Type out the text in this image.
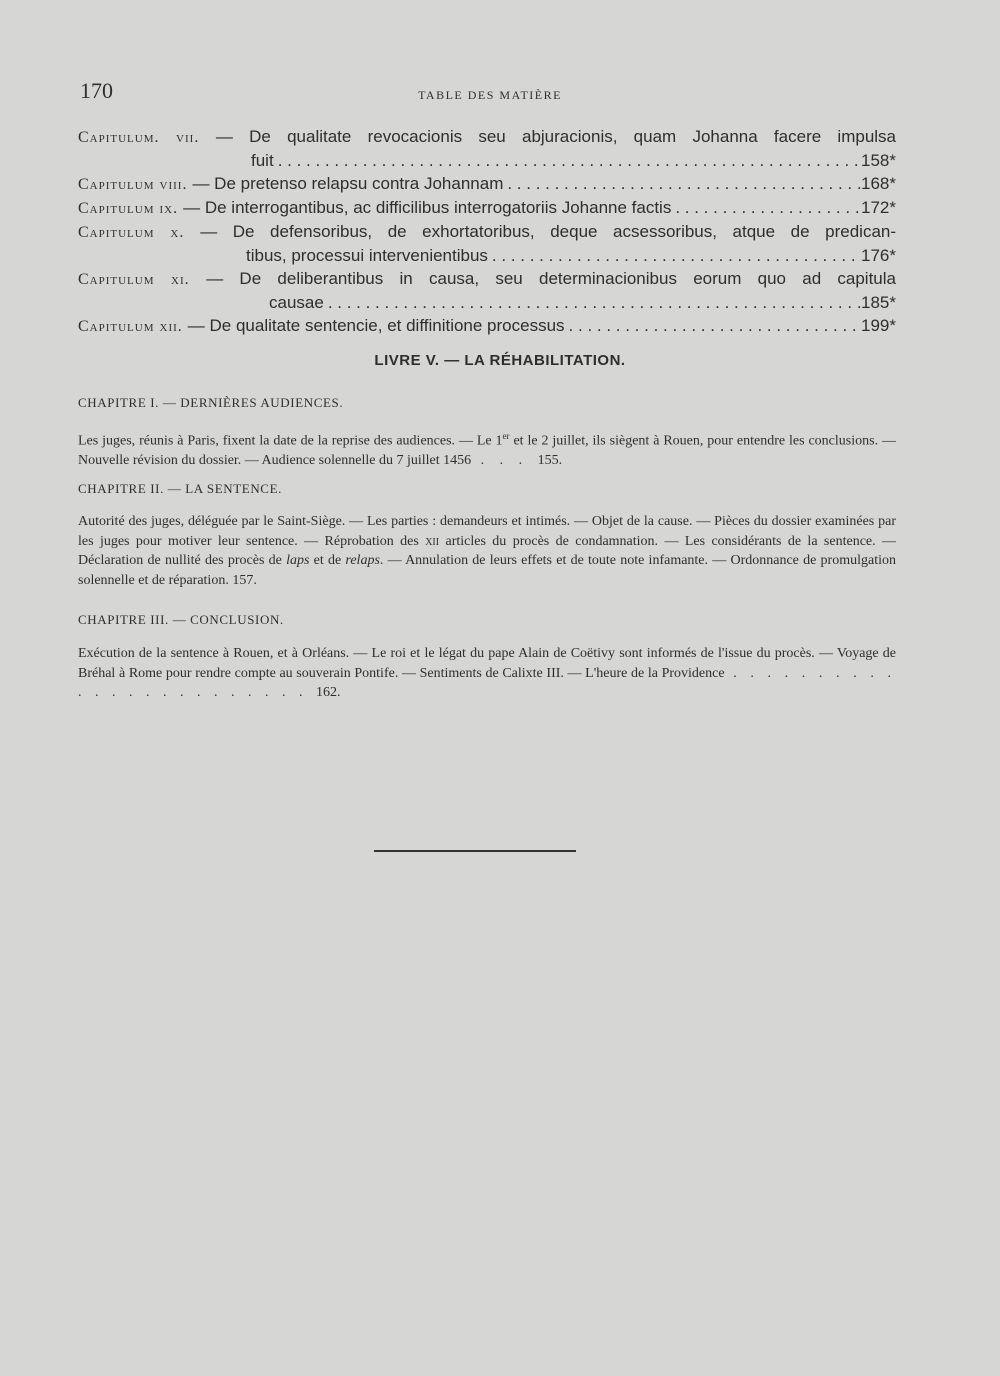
170	TABLE DES MATIÈRE
Capitulum. vii. — De qualitate revocacionis seu abjuracionis, quam Johanna facere impulsa
fuit . . .	158*
Capitulum viii. — De pretenso relapsu contra Johannam . . .	168*
Capitulum ix. — De interrogantibus, ac difficilibus interrogatoriis Johanne factis . . .	172*
Capitulum x. — De defensoribus, de exhortatoribus, deque acsessoribus, atque de predican-
tibus, processui intervenientibus . . .	176*
Capitulum xi. — De deliberantibus in causa, seu determinacionibus eorum quo ad capitula
causae . . .	185*
Capitulum xii. — De qualitate sentencie, et diffinitione processus . . .	199*
LIVRE V. — LA RÉHABILITATION.
CHAPITRE I. — DERNIÈRES AUDIENCES.
Les juges, réunis à Paris, fixent la date de la reprise des audiences. — Le 1er et le 2 juillet, ils siègent à Rouen, pour entendre les conclusions. — Nouvelle révision du dossier. — Audience solennelle du 7 juillet 1456 . . . 155.
CHAPITRE II. — LA SENTENCE.
Autorité des juges, déléguée par le Saint-Siège. — Les parties : demandeurs et intimés. — Objet de la cause. — Pièces du dossier examinées par les juges pour motiver leur sentence. — Réprobation des xii articles du procès de condamnation. — Les considérants de la sentence. — Déclaration de nullité des procès de laps et de relaps. — Annulation de leurs effets et de toute note infamante. — Ordonnance de promulgation solennelle et de réparation. 157.
CHAPITRE III. — CONCLUSION.
Exécution de la sentence à Rouen, et à Orléans. — Le roi et le légat du pape Alain de Coëtivy sont informés de l'issue du procès. — Voyage de Bréhal à Rome pour rendre compte au souverain Pontife. — Sentiments de Calixte III. — L'heure de la Providence . . . . . . . . . . . . . . . . . . . . . . . . 162.
